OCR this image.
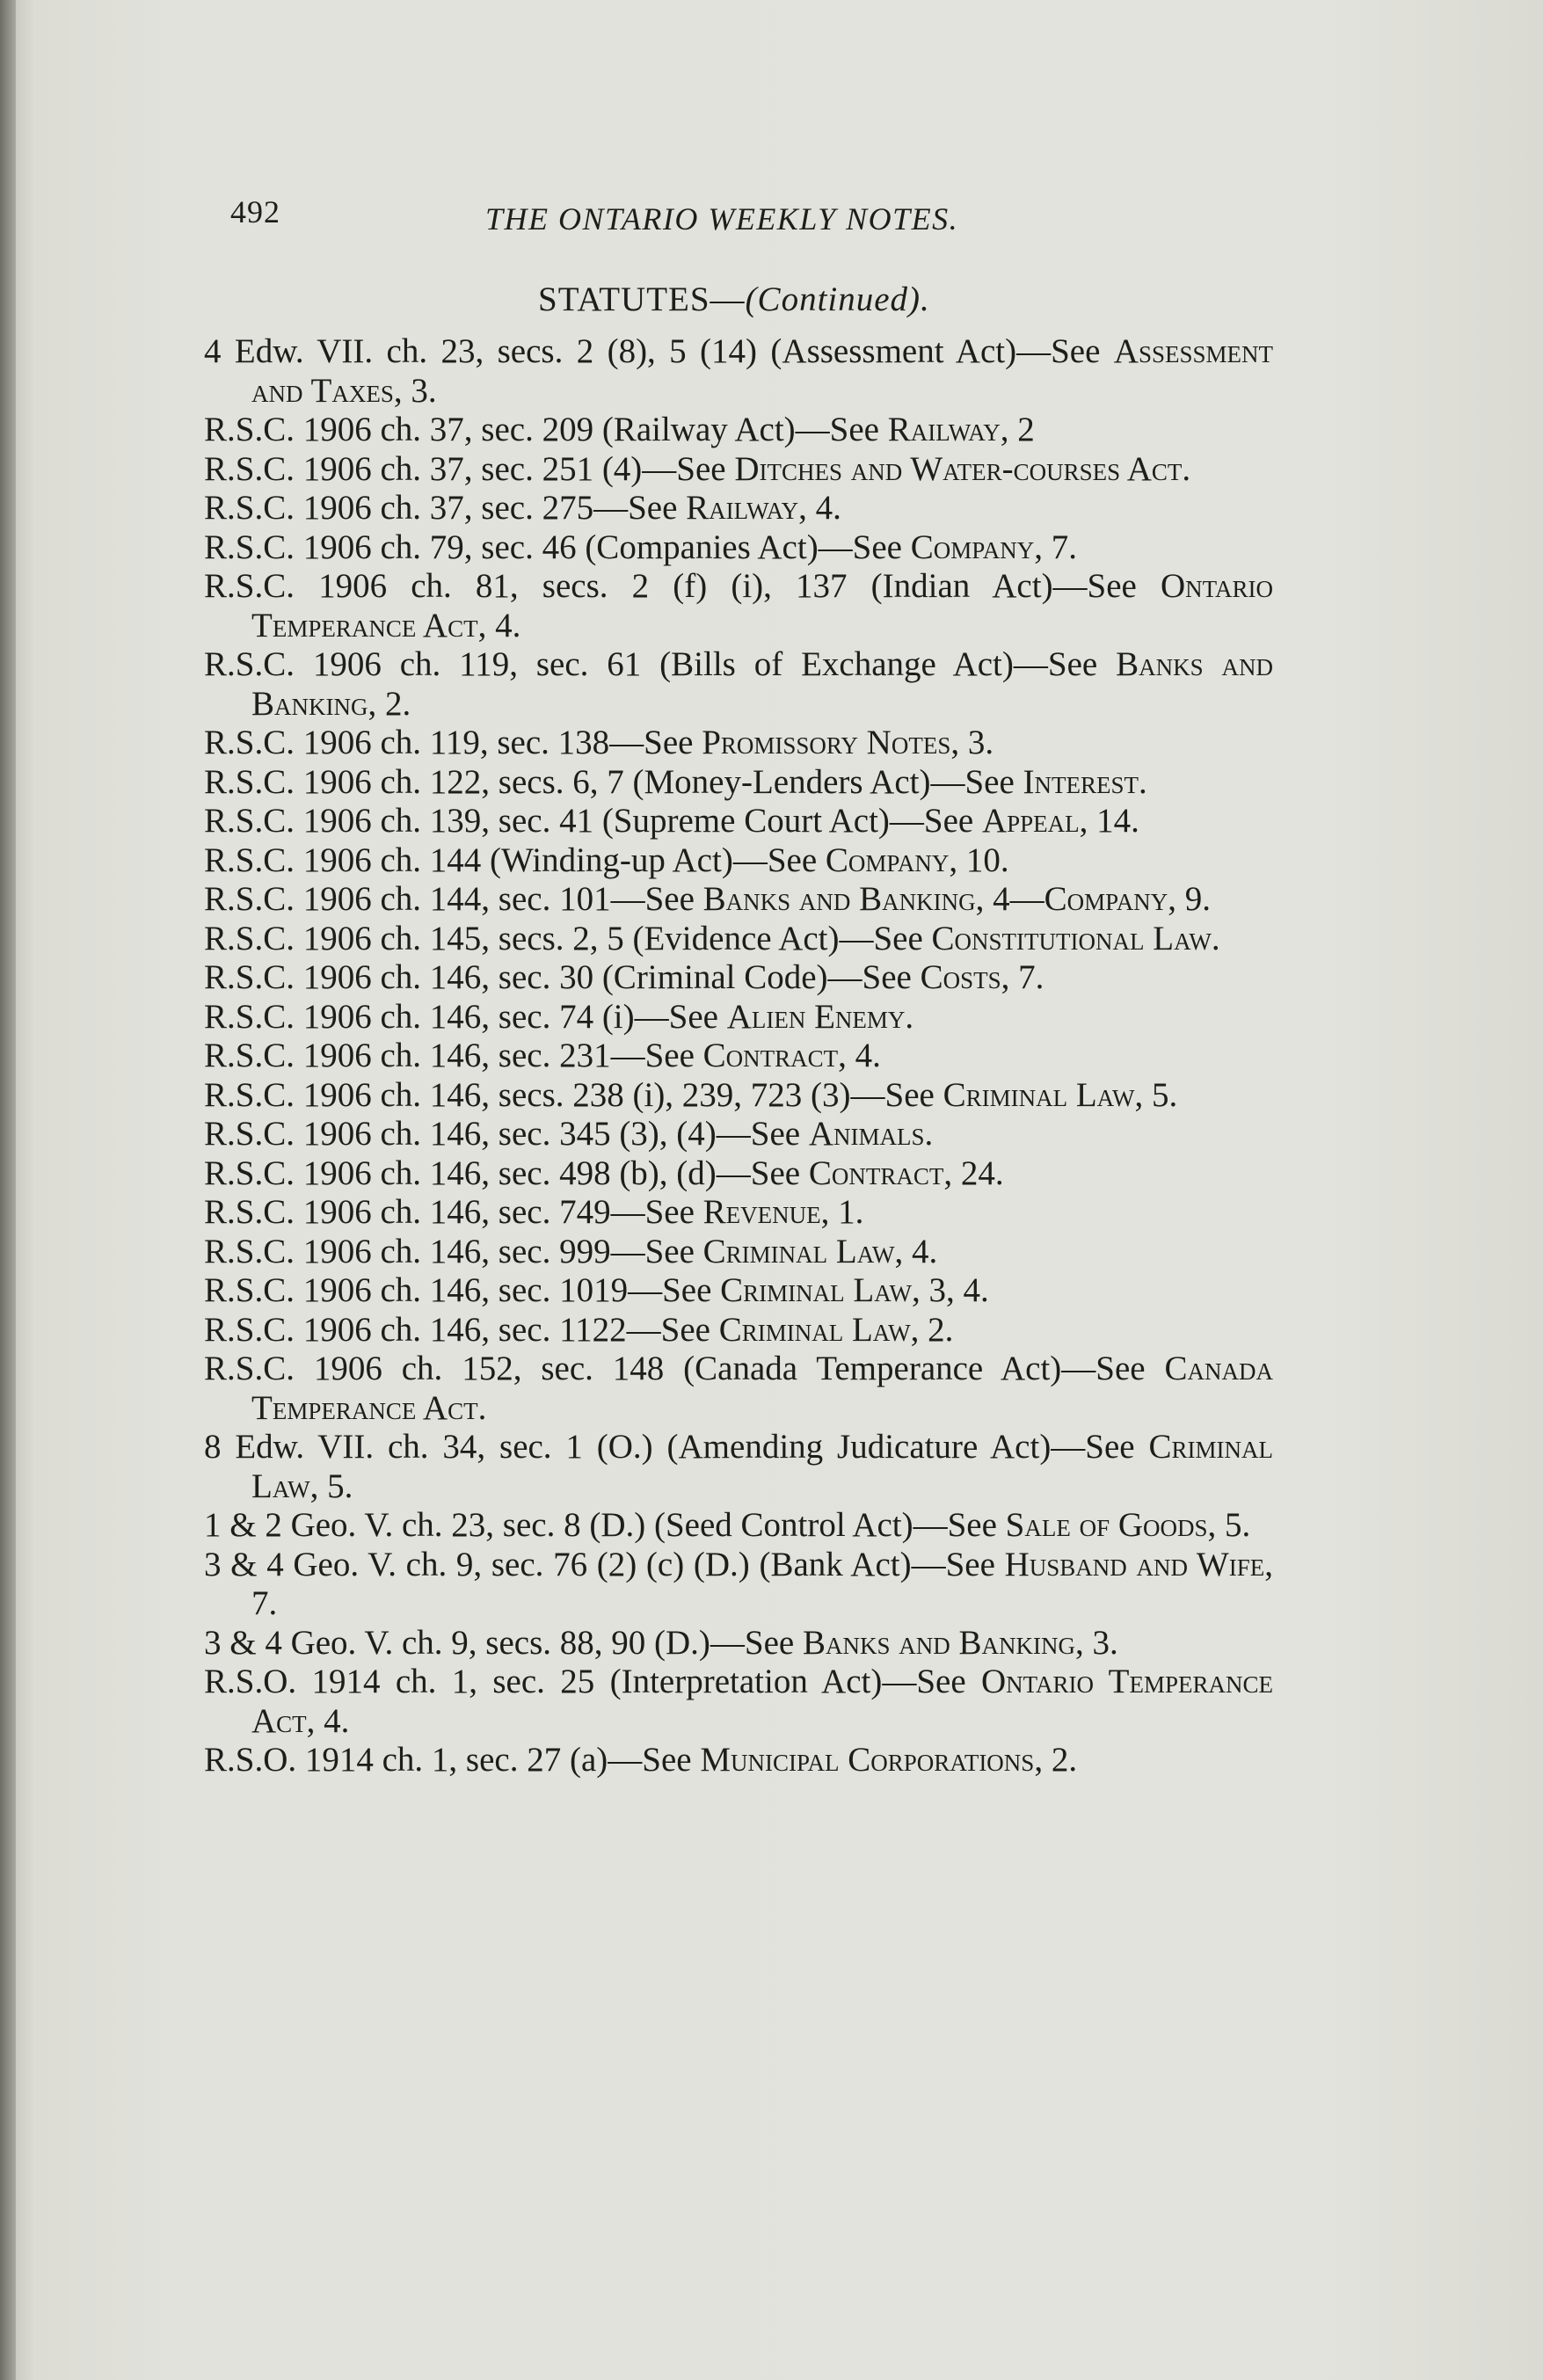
492	THE ONTARIO WEEKLY NOTES.
STATUTES—(Continued).

4 Edw. VII. ch. 23, secs. 2 (8), 5 (14) (Assessment Act)—See Assessment and Taxes, 3.

R.S.C. 1906 ch. 37, sec. 209 (Railway Act)—See Railway, 2

R.S.C. 1906 ch. 37, sec. 251 (4)—See Ditches and Water-courses Act.

R.S.C. 1906 ch. 37, sec. 275—See Railway, 4.

R.S.C. 1906 ch. 79, sec. 46 (Companies Act)—See Company, 7.

R.S.C. 1906 ch. 81, secs. 2 (f) (i), 137 (Indian Act)—See Ontario Temperance Act, 4.

R.S.C. 1906 ch. 119, sec. 61 (Bills of Exchange Act)—See Banks and Banking, 2.

R.S.C. 1906 ch. 119, sec. 138—See Promissory Notes, 3.

R.S.C. 1906 ch. 122, secs. 6, 7 (Money-Lenders Act)—See Interest.

R.S.C. 1906 ch. 139, sec. 41 (Supreme Court Act)—See Appeal, 14.

R.S.C. 1906 ch. 144 (Winding-up Act)—See Company, 10.

R.S.C. 1906 ch. 144, sec. 101—See Banks and Banking, 4—Company, 9.

R.S.C. 1906 ch. 145, secs. 2, 5 (Evidence Act)—See Constitutional Law.

R.S.C. 1906 ch. 146, sec. 30 (Criminal Code)—See Costs, 7.

R.S.C. 1906 ch. 146, sec. 74 (i)—See Alien Enemy.

R.S.C. 1906 ch. 146, sec. 231—See Contract, 4.

R.S.C. 1906 ch. 146, secs. 238 (i), 239, 723 (3)—See Criminal Law, 5.

R.S.C. 1906 ch. 146, sec. 345 (3), (4)—See Animals.

R.S.C. 1906 ch. 146, sec. 498 (b), (d)—See Contract, 24.

R.S.C. 1906 ch. 146, sec. 749—See Revenue, 1.

R.S.C. 1906 ch. 146, sec. 999—See Criminal Law, 4.

R.S.C. 1906 ch. 146, sec. 1019—See Criminal Law, 3, 4.

R.S.C. 1906 ch. 146, sec. 1122—See Criminal Law, 2.

R.S.C. 1906 ch. 152, sec. 148 (Canada Temperance Act)—See Canada Temperance Act.

8 Edw. VII. ch. 34, sec. 1 (O.) (Amending Judicature Act)—See Criminal Law, 5.

1 & 2 Geo. V. ch. 23, sec. 8 (D.) (Seed Control Act)—See Sale of Goods, 5.

3 & 4 Geo. V. ch. 9, sec. 76 (2) (c) (D.) (Bank Act)—See Husband and Wife, 7.

3 & 4 Geo. V. ch. 9, secs. 88, 90 (D.)—See Banks and Banking, 3.

R.S.O. 1914 ch. 1, sec. 25 (Interpretation Act)—See Ontario Temperance Act, 4.

R.S.O. 1914 ch. 1, sec. 27 (a)—See Municipal Corporations, 2.
